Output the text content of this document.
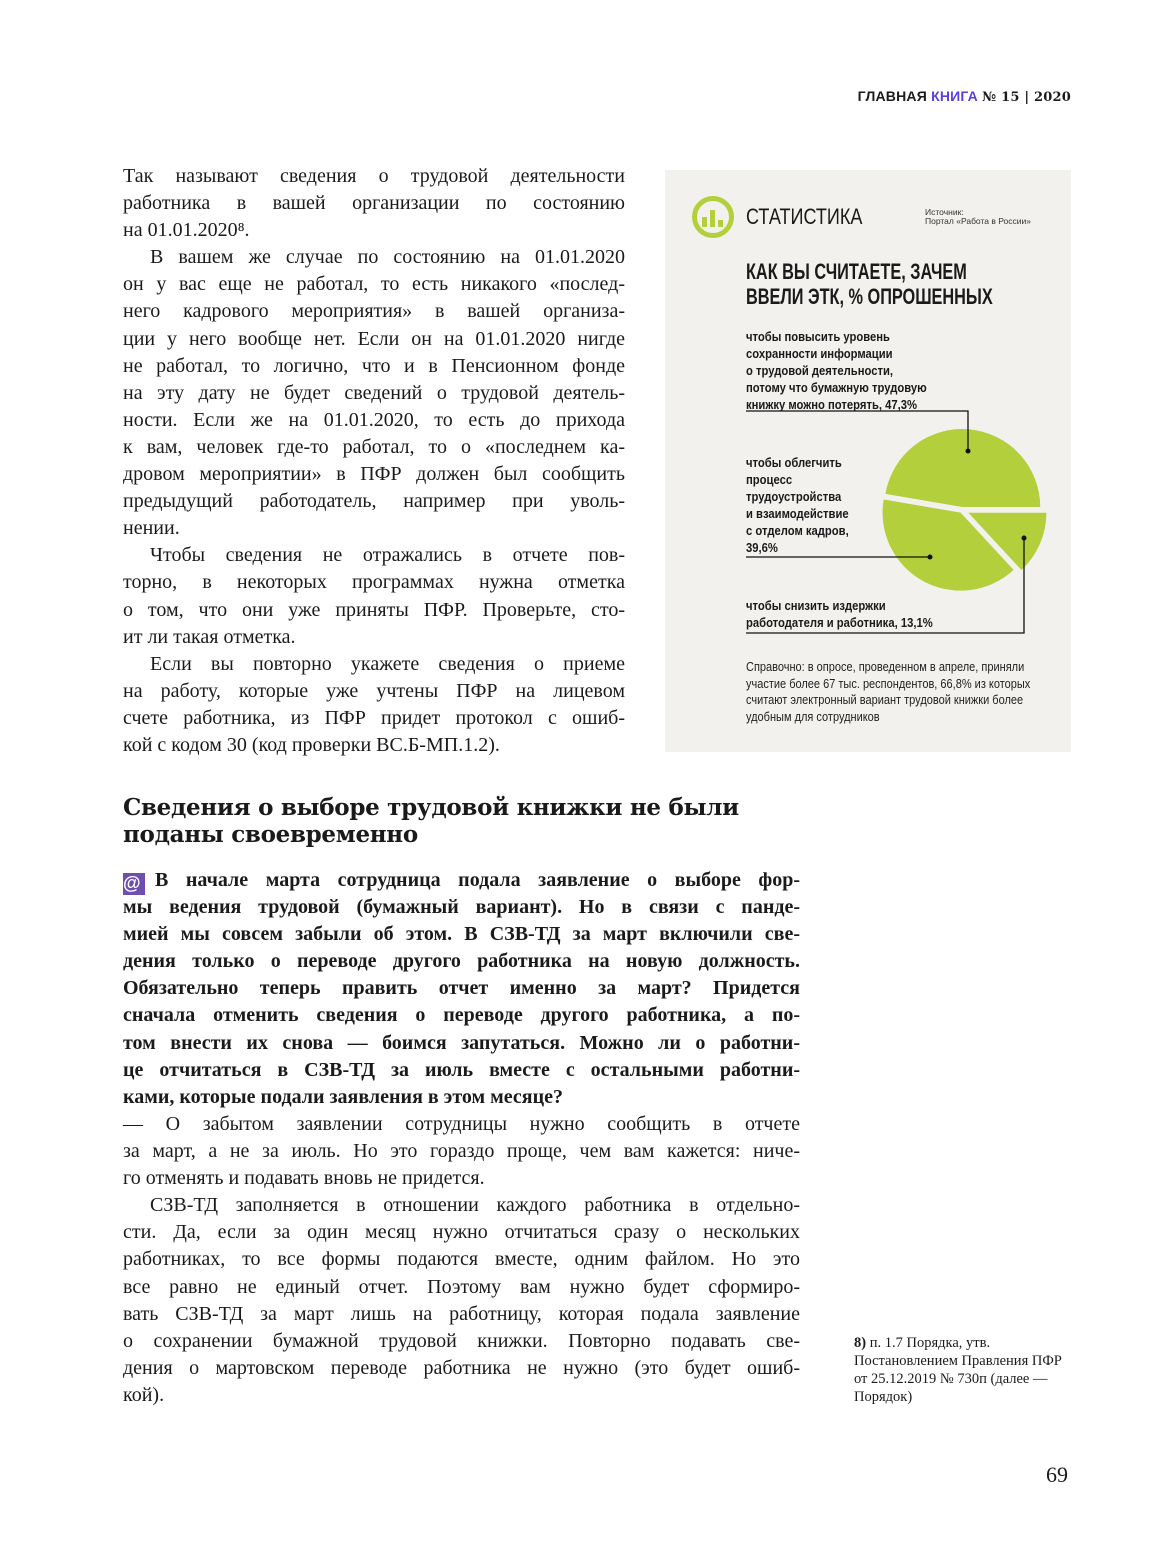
ГЛАВНАЯ КНИГА № 15 | 2020
Так называют сведения о трудовой деятельности
работника в вашей организации по состоянию
на 01.01.2020⁸.
В вашем же случае по состоянию на 01.01.2020
он у вас еще не работал, то есть никакого «послед-
него кадрового мероприятия» в вашей организа-
ции у него вообще нет. Если он на 01.01.2020 нигде
не работал, то логично, что и в Пенсионном фонде
на эту дату не будет сведений о трудовой деятель-
ности. Если же на 01.01.2020, то есть до прихода
к вам, человек где-то работал, то о «последнем ка-
дровом мероприятии» в ПФР должен был сообщить
предыдущий работодатель, например при уволь-
нении.
Чтобы сведения не отражались в отчете пов-
торно, в некоторых программах нужна отметка
о том, что они уже приняты ПФР. Проверьте, сто-
ит ли такая отметка.
Если вы повторно укажете сведения о приеме
на работу, которые уже учтены ПФР на лицевом
счете работника, из ПФР придет протокол с ошиб-
кой с кодом 30 (код проверки ВС.Б-МП.1.2).
Сведения о выборе трудовой книжки не были поданы своевременно
@ В начале марта сотрудница подала заявление о выборе фор-
мы ведения трудовой (бумажный вариант). Но в связи с панде-
мией мы совсем забыли об этом. В СЗВ-ТД за март включили све-
дения только о переводе другого работника на новую должность.
Обязательно теперь править отчет именно за март? Придется
сначала отменить сведения о переводе другого работника, а по-
том внести их снова — боимся запутаться. Можно ли о работни-
це отчитаться в СЗВ-ТД за июль вместе с остальными работни-
ками, которые подали заявления в этом месяце?
— О забытом заявлении сотрудницы нужно сообщить в отчете
за март, а не за июль. Но это гораздо проще, чем вам кажется: ниче-
го отменять и подавать вновь не придется.
СЗВ-ТД заполняется в отношении каждого работника в отдельно-
сти. Да, если за один месяц нужно отчитаться сразу о нескольких
работниках, то все формы подаются вместе, одним файлом. Но это
все равно не единый отчет. Поэтому вам нужно будет сформиро-
вать СЗВ-ТД за март лишь на работницу, которая подала заявление
о сохранении бумажной трудовой книжки. Повторно подавать све-
дения о мартовском переводе работника не нужно (это будет ошиб-
кой).
СТАТИСТИКА	Источник:
Портал «Работа в России»
КАК ВЫ СЧИТАЕТЕ, ЗАЧЕМ ВВЕЛИ ЭТК, % ОПРОШЕННЫХ
чтобы повысить уровень
сохранности информации
о трудовой деятельности,
потому что бумажную трудовую
книжку можно потерять, 47,3%
чтобы облегчить
процесс
трудоустройства
и взаимодействие
с отделом кадров,
39,6%
чтобы снизить издержки
работодателя и работника, 13,1%
Справочно: в опросе, проведенном в апреле, приняли участие более 67 тыс. респондентов, 66,8% из которых считают электронный вариант трудовой книжки более удобным для сотрудников
8) п. 1.7 Порядка, утв. Постановлением Правления ПФР от 25.12.2019 № 730п (далее — Порядок)
69
